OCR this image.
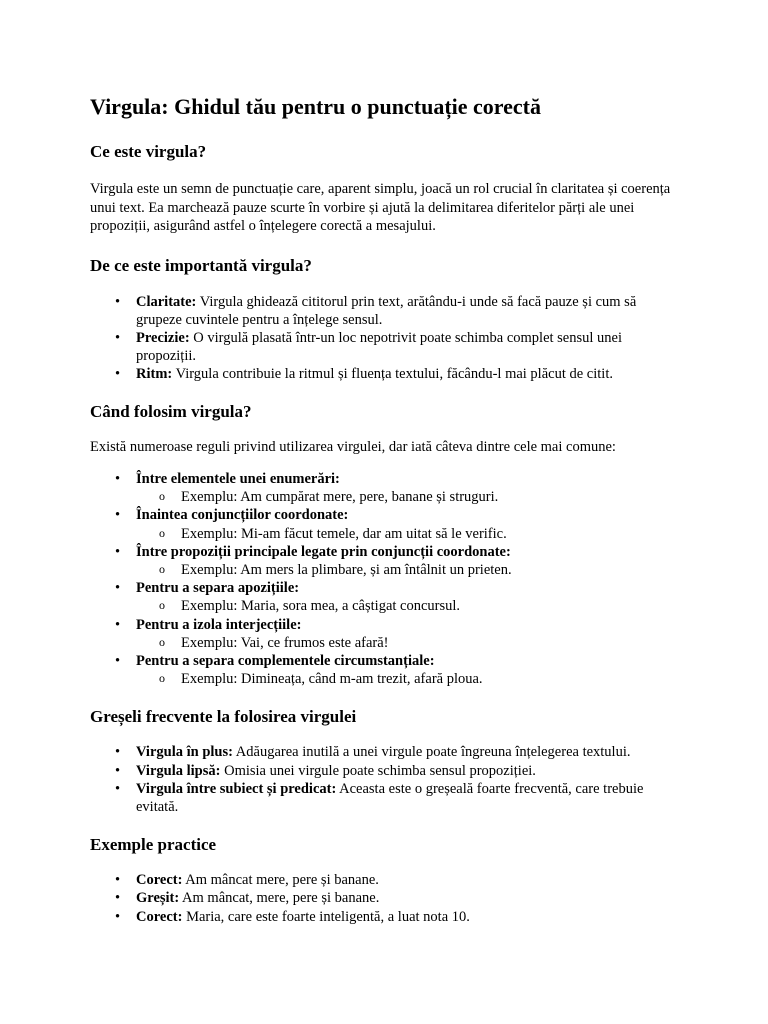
Virgula: Ghidul tău pentru o punctuație corectă
Ce este virgula?

Virgula este un semn de punctuație care, aparent simplu, joacă un rol crucial în claritatea și coerența unui text. Ea marchează pauze scurte în vorbire și ajută la delimitarea diferitelor părți ale unei propoziții, asigurând astfel o înțelegere corectă a mesajului.

De ce este importantă virgula?
• Claritate: Virgula ghidează cititorul prin text, arătându-i unde să facă pauze și cum să grupeze cuvintele pentru a înțelege sensul.
• Precizie: O virgulă plasată într-un loc nepotrivit poate schimba complet sensul unei propoziții.
• Ritm: Virgula contribuie la ritmul și fluența textului, făcându-l mai plăcut de citit.
Când folosim virgula?

Există numeroase reguli privind utilizarea virgulei, dar iată câteva dintre cele mai comune:

• Între elementele unei enumerări:
o Exemplu: Am cumpărat mere, pere, banane și struguri.
• Înaintea conjuncțiilor coordonate:
o Exemplu: Mi-am făcut temele, dar am uitat să le verific.
• Între propoziții principale legate prin conjuncții coordonate:
o Exemplu: Am mers la plimbare, și am întâlnit un prieten.
• Pentru a separa apozițiile:
o Exemplu: Maria, sora mea, a câștigat concursul.
• Pentru a izola interjecțiile:
o Exemplu: Vai, ce frumos este afară!
• Pentru a separa complementele circumstanțiale:
o Exemplu: Dimineața, când m-am trezit, afară ploua.
Greșeli frecvente la folosirea virgulei
• Virgula în plus: Adăugarea inutilă a unei virgule poate îngreuna înțelegerea textului.
• Virgula lipsă: Omisia unei virgule poate schimba sensul propoziției.
• Virgula între subiect și predicat: Aceasta este o greșeală foarte frecventă, care trebuie evitată.
Exemple practice
• Corect: Am mâncat mere, pere și banane.
• Greșit: Am mâncat, mere, pere și banane.
• Corect: Maria, care este foarte inteligentă, a luat nota 10.
